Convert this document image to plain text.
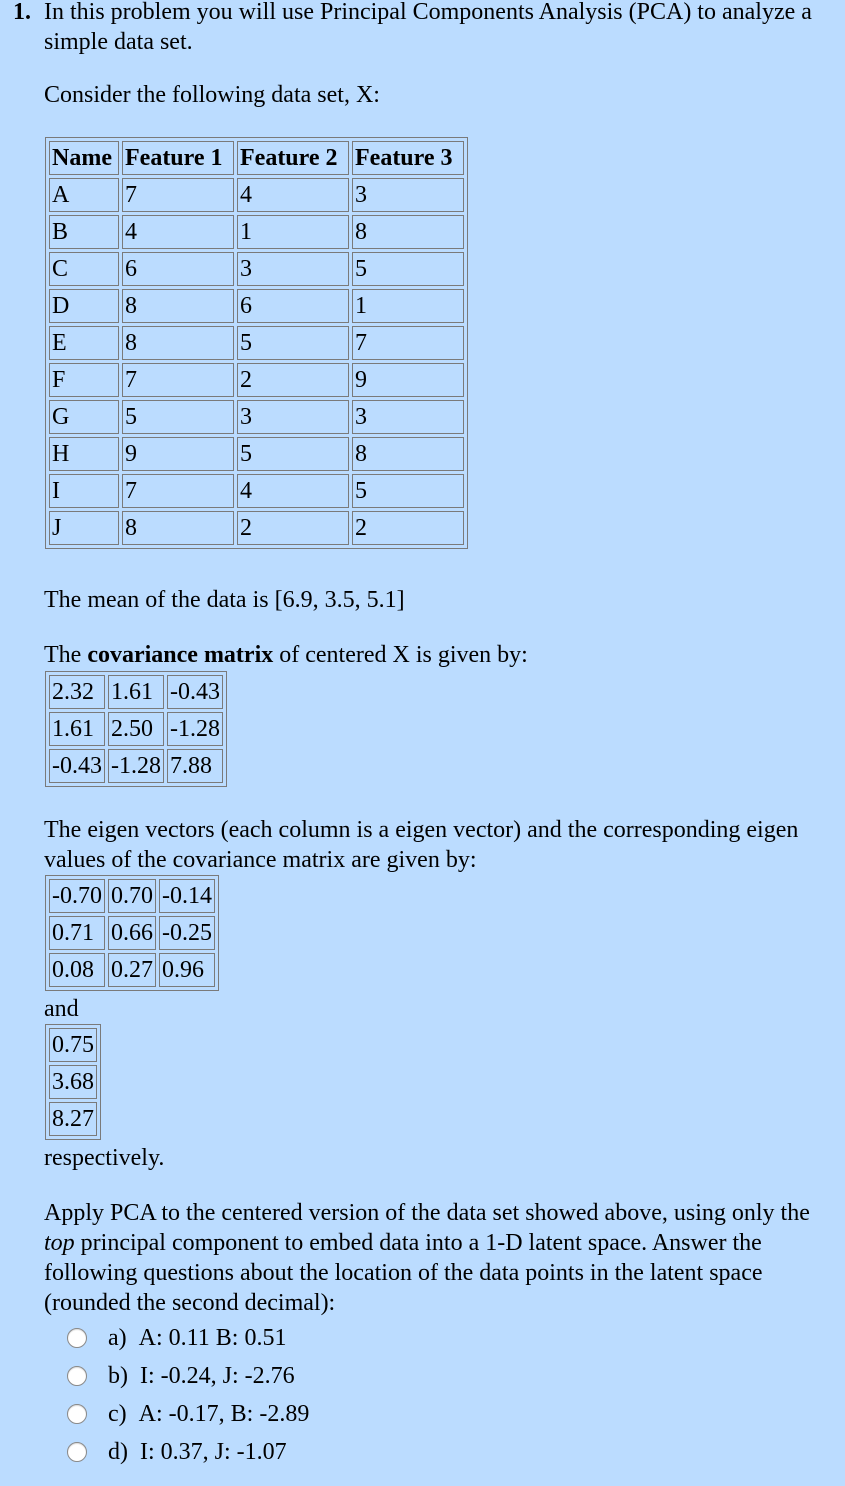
1. In this problem you will use Principal Components Analysis (PCA) to analyze a simple data set.
Consider the following data set, X:
Name	Feature 1	Feature 2	Feature 3
A	7	4	3
B	4	1	8
C	6	3	5
D	8	6	1
E	8	5	7
F	7	2	9
G	5	3	3
H	9	5	8
I	7	4	5
J	8	2	2
The mean of the data is [6.9, 3.5, 5.1]
The covariance matrix of centered X is given by:
2.32	1.61	-0.43
1.61	2.50	-1.28
-0.43	-1.28	7.88
The eigen vectors (each column is a eigen vector) and the corresponding eigen values of the covariance matrix are given by:
-0.70	0.70	-0.14
0.71	0.66	-0.25
0.08	0.27	0.96
and
0.75
3.68
8.27
respectively.
Apply PCA to the centered version of the data set showed above, using only the top principal component to embed data into a 1-D latent space. Answer the following questions about the location of the data points in the latent space (rounded the second decimal):
a) A: 0.11 B: 0.51
b) I: -0.24, J: -2.76
c) A: -0.17, B: -2.89
d) I: 0.37, J: -1.07
